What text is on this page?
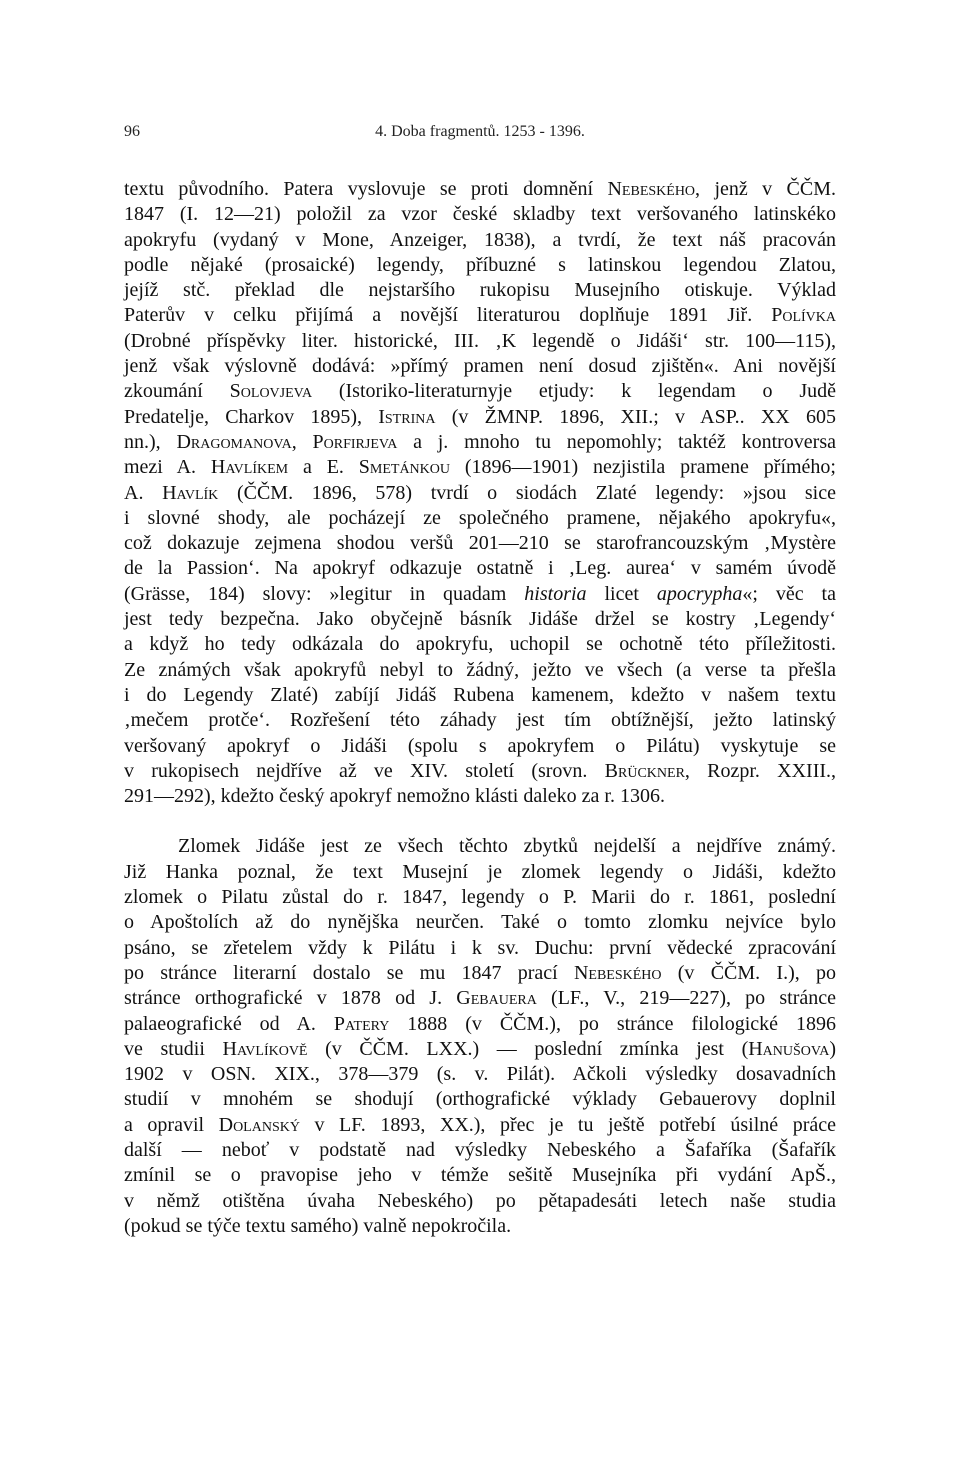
96	4. Doba fragmentů. 1253 - 1396.
textu původního. Patera vyslovuje se proti domnění Nebeského, jenž v ČČM.
1847 (I. 12—21) položil za vzor české skladby text veršovaného latinskéko
apokryfu (vydaný v Mone, Anzeiger, 1838), a tvrdí, že text náš pracován
podle nějaké (prosaické) legendy, příbuzné s latinskou legendou Zlatou,
jejíž stč. překlad dle nejstaršího rukopisu Musejního otiskuje. Výklad
Paterův v celku přijímá a novější literaturou doplňuje 1891 Jiř. Polívka
(Drobné příspěvky liter. historické, III. ‚K legendě o Jidáši‘ str. 100—115),
jenž však výslovně dodává: »přímý pramen není dosud zjištěn«. Ani novější
zkoumání Solovjeva (Istoriko-literaturnyje etjudy: k legendam o Judě
Predatelje, Charkov 1895), Istrina (v ŽMNP. 1896, XII.; v ASP.. XX 605
nn.), Dragomanova, Porfirjeva a j. mnoho tu nepomohly; taktéž kontroversa
mezi A. Havlíkem a E. Smetánkou (1896—1901) nezjistila pramene přímého;
A. Havlík (ČČM. 1896, 578) tvrdí o siodách Zlaté legendy: »jsou sice
i slovné shody, ale pocházejí ze společného pramene, nějakého apokryfu«,
což dokazuje zejmena shodou veršů 201—210 se starofrancouzským ‚Mystère
de la Passion‘. Na apokryf odkazuje ostatně i ‚Leg. aurea‘ v samém úvodě
(Grässe, 184) slovy: »legitur in quadam historia licet apocrypha«; věc ta
jest tedy bezpečna. Jako obyčejně básník Jidáše držel se kostry ‚Legendy‘
a když ho tedy odkázala do apokryfu, uchopil se ochotně této příležitosti.
Ze známých však apokryfů nebyl to žádný, ježto ve všech (a verse ta přešla
i do Legendy Zlaté) zabíjí Jidáš Rubena kamenem, kdežto v našem textu
‚mečem protče‘. Rozřešení této záhady jest tím obtížnější, ježto latinský
veršovaný apokryf o Jidáši (spolu s apokryfem o Pilátu) vyskytuje se
v rukopisech nejdříve až ve XIV. století (srovn. Brückner, Rozpr. XXIII.,
291—292), kdežto český apokryf nemožno klásti daleko za r. 1306.
Zlomek Jidáše jest ze všech těchto zbytků nejdelší a nejdříve známý.
Již Hanka poznal, že text Musejní je zlomek legendy o Jidáši, kdežto
zlomek o Pilatu zůstal do r. 1847, legendy o P. Marii do r. 1861, poslední
o Apoštolích až do nynějška neurčen. Také o tomto zlomku nejvíce bylo
psáno, se zřetelem vždy k Pilátu i k sv. Duchu: první vědecké zpracování
po stránce literarní dostalo se mu 1847 prací Nebeského (v ČČM. I.), po
stránce orthografické v 1878 od J. Gebauera (LF., V., 219—227), po stránce
palaeografické od A. Patery 1888 (v ČČM.), po stránce filologické 1896
ve studii Havlíkově (v ČČM. LXX.) — poslední zmínka jest (Hanušova)
1902 v OSN. XIX., 378—379 (s. v. Pilát). Ačkoli výsledky dosavadních
studií v mnohém se shodují (orthografické výklady Gebauerovy doplnil
a opravil Dolanský v LF. 1893, XX.), přec je tu ještě potřebí úsilné práce
další — neboť v podstatě nad výsledky Nebeského a Šafaříka (Šafařík
zmínil se o pravopise jeho v témže sešitě Musejníka při vydání ApŠ.,
v němž otištěna úvaha Nebeského) po pětapadesáti letech naše studia
(pokud se týče textu samého) valně nepokročila.
